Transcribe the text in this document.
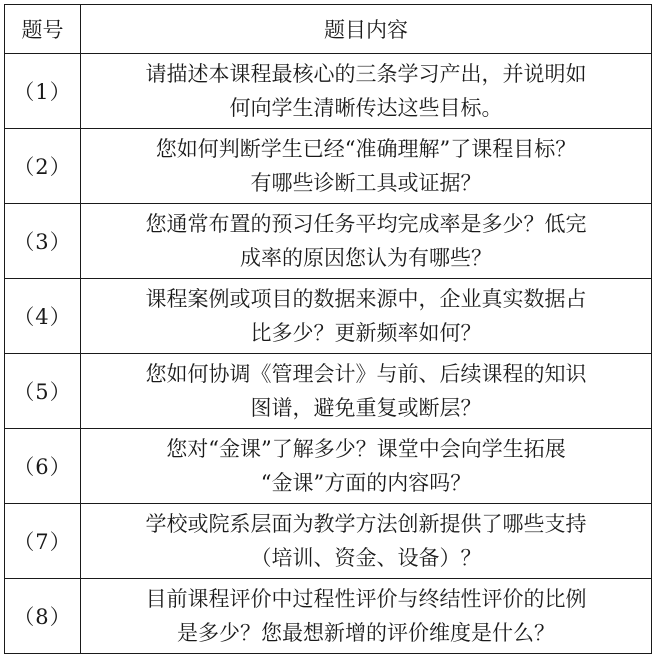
题号	题目内容
（1）	请描述本课程最核心的三条学习产出，并说明如
何向学生清晰传达这些目标。

（2）	您如何判断学生已经“准确理解”了课程目标？
有哪些诊断工具或证据？

（3）	您通常布置的预习任务平均完成率是多少？低完
成率的原因您认为有哪些？

（4）	课程案例或项目的数据来源中，企业真实数据占
比多少？更新频率如何？

（5）	您如何协调《管理会计》与前、后续课程的知识
图谱，避免重复或断层？

（6）	您对“金课”了解多少？课堂中会向学生拓展
“金课”方面的内容吗？

（7）	学校或院系层面为教学方法创新提供了哪些支持
（培训、资金、设备）？

（8）	目前课程评价中过程性评价与终结性评价的比例
是多少？您最想新增的评价维度是什么？
